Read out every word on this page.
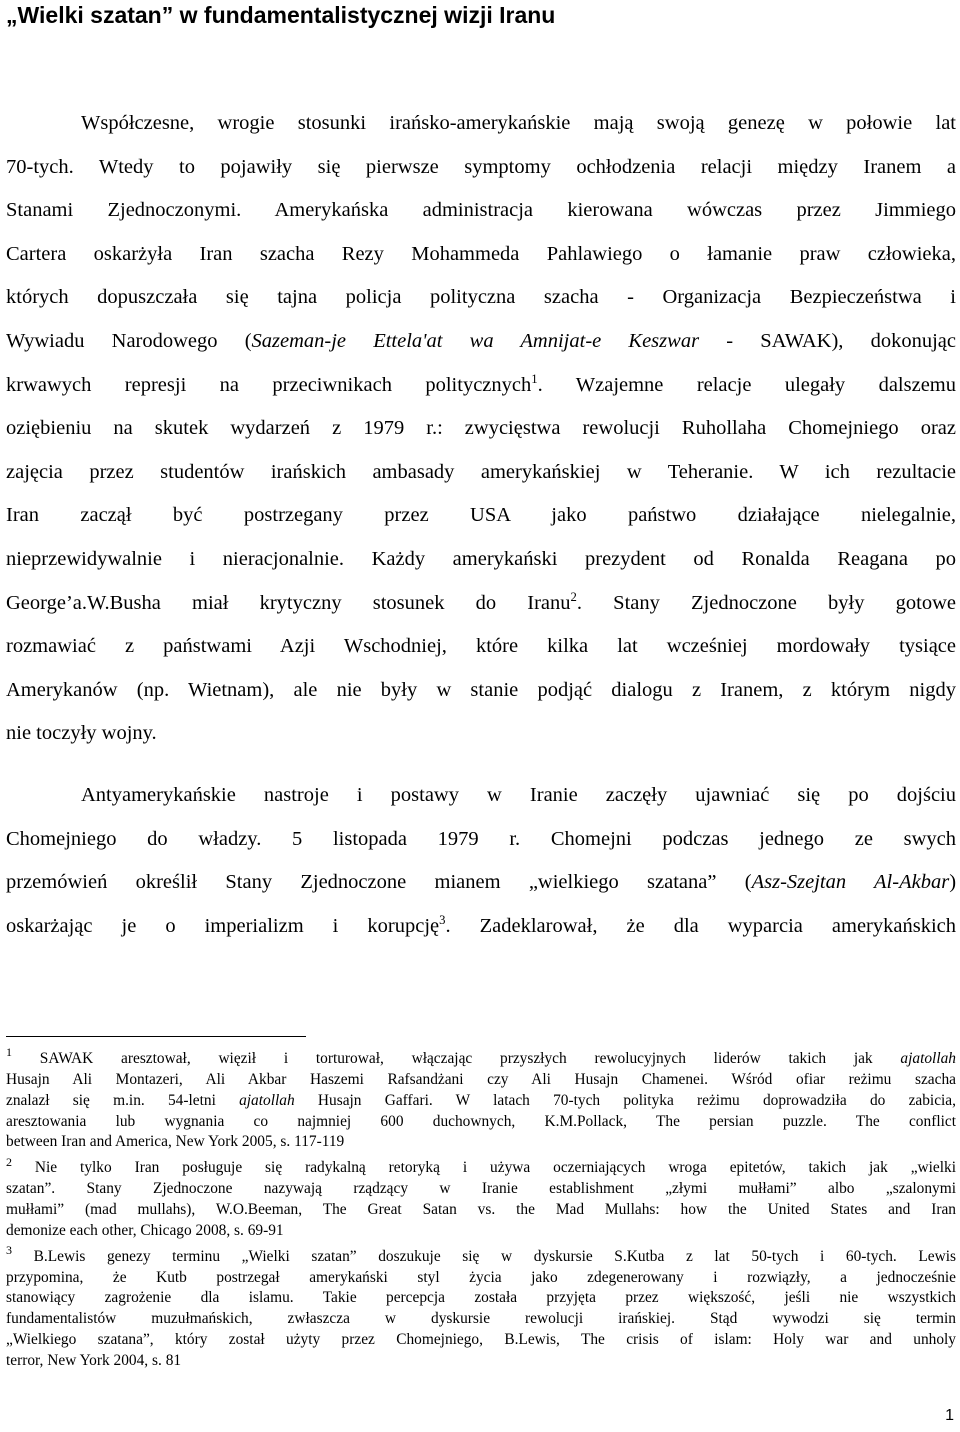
„Wielki szatan” w fundamentalistycznej wizji Iranu
Współczesne, wrogie stosunki irańsko-amerykańskie mają swoją genezę w połowie lat
70-tych. Wtedy to pojawiły się pierwsze symptomy ochłodzenia relacji między Iranem a
Stanami Zjednoczonymi. Amerykańska administracja kierowana wówczas przez Jimmiego
Cartera oskarżyła Iran szacha Rezy Mohammeda Pahlawiego o łamanie praw człowieka,
których dopuszczała się tajna policja polityczna szacha - Organizacja Bezpieczeństwa i
Wywiadu Narodowego (Sazeman-je Ettela'at wa Amnijat-e Keszwar - SAWAK), dokonując
krwawych represji na przeciwnikach politycznych$^1$. Wzajemne relacje ulegały dalszemu
oziębieniu na skutek wydarzeń z 1979 r.: zwycięstwa rewolucji Ruhollaha Chomejniego oraz
zajęcia przez studentów irańskich ambasady amerykańskiej w Teheranie. W ich rezultacie
Iran zaczął być postrzegany przez USA jako państwo działające nielegalnie,
nieprzewidywalnie i nieracjonalnie. Każdy amerykański prezydent od Ronalda Reagana po
George’a.W.Busha miał krytyczny stosunek do Iranu$^2$. Stany Zjednoczone były gotowe
rozmawiać z państwami Azji Wschodniej, które kilka lat wcześniej mordowały tysiące
Amerykanów (np. Wietnam), ale nie były w stanie podjąć dialogu z Iranem, z którym nigdy
nie toczyły wojny.
Antyamerykańskie nastroje i postawy w Iranie zaczęły ujawniać się po dojściu
Chomejniego do władzy. 5 listopada 1979 r. Chomejni podczas jednego ze swych
przemówień określił Stany Zjednoczone mianem „wielkiego szatana” (Asz-Szejtan Al-Akbar)
oskarżając je o imperializm i korupcję$^3$. Zadeklarował, że dla wyparcia amerykańskich
$^1$ SAWAK aresztował, więził i torturował, włączając przyszłych rewolucyjnych liderów takich jak ajatollah
Husajn Ali Montazeri, Ali Akbar Haszemi Rafsandżani czy Ali Husajn Chamenei. Wśród ofiar reżimu szacha
znalazł się m.in. 54-letni ajatollah Husajn Gaffari. W latach 70-tych polityka reżimu doprowadziła do zabicia,
aresztowania lub wygnania co najmniej 600 duchownych, K.M.Pollack, The persian puzzle. The conflict
between Iran and America, New York 2005, s. 117-119
$^2$ Nie tylko Iran posługuje się radykalną retoryką i używa oczerniających wroga epitetów, takich jak „wielki
szatan”. Stany Zjednoczone nazywają rządzący w Iranie establishment „złymi mułłami” albo „szalonymi
mułłami” (mad mullahs), W.O.Beeman, The Great Satan vs. the Mad Mullahs: how the United States and Iran
demonize each other, Chicago 2008, s. 69-91
$^3$ B.Lewis genezy terminu „Wielki szatan” doszukuje się w dyskursie S.Kutba z lat 50-tych i 60-tych. Lewis
przypomina, że Kutb postrzegał amerykański styl życia jako zdegenerowany i rozwiązły, a jednocześnie
stanowiący zagrożenie dla islamu. Takie percepcja została przyjęta przez większość, jeśli nie wszystkich
fundamentalistów muzułmańskich, zwłaszcza w dyskursie rewolucji irańskiej. Stąd wywodzi się termin
„Wielkiego szatana”, który został użyty przez Chomejniego, B.Lewis, The crisis of islam: Holy war and unholy
terror, New York 2004, s. 81
1
